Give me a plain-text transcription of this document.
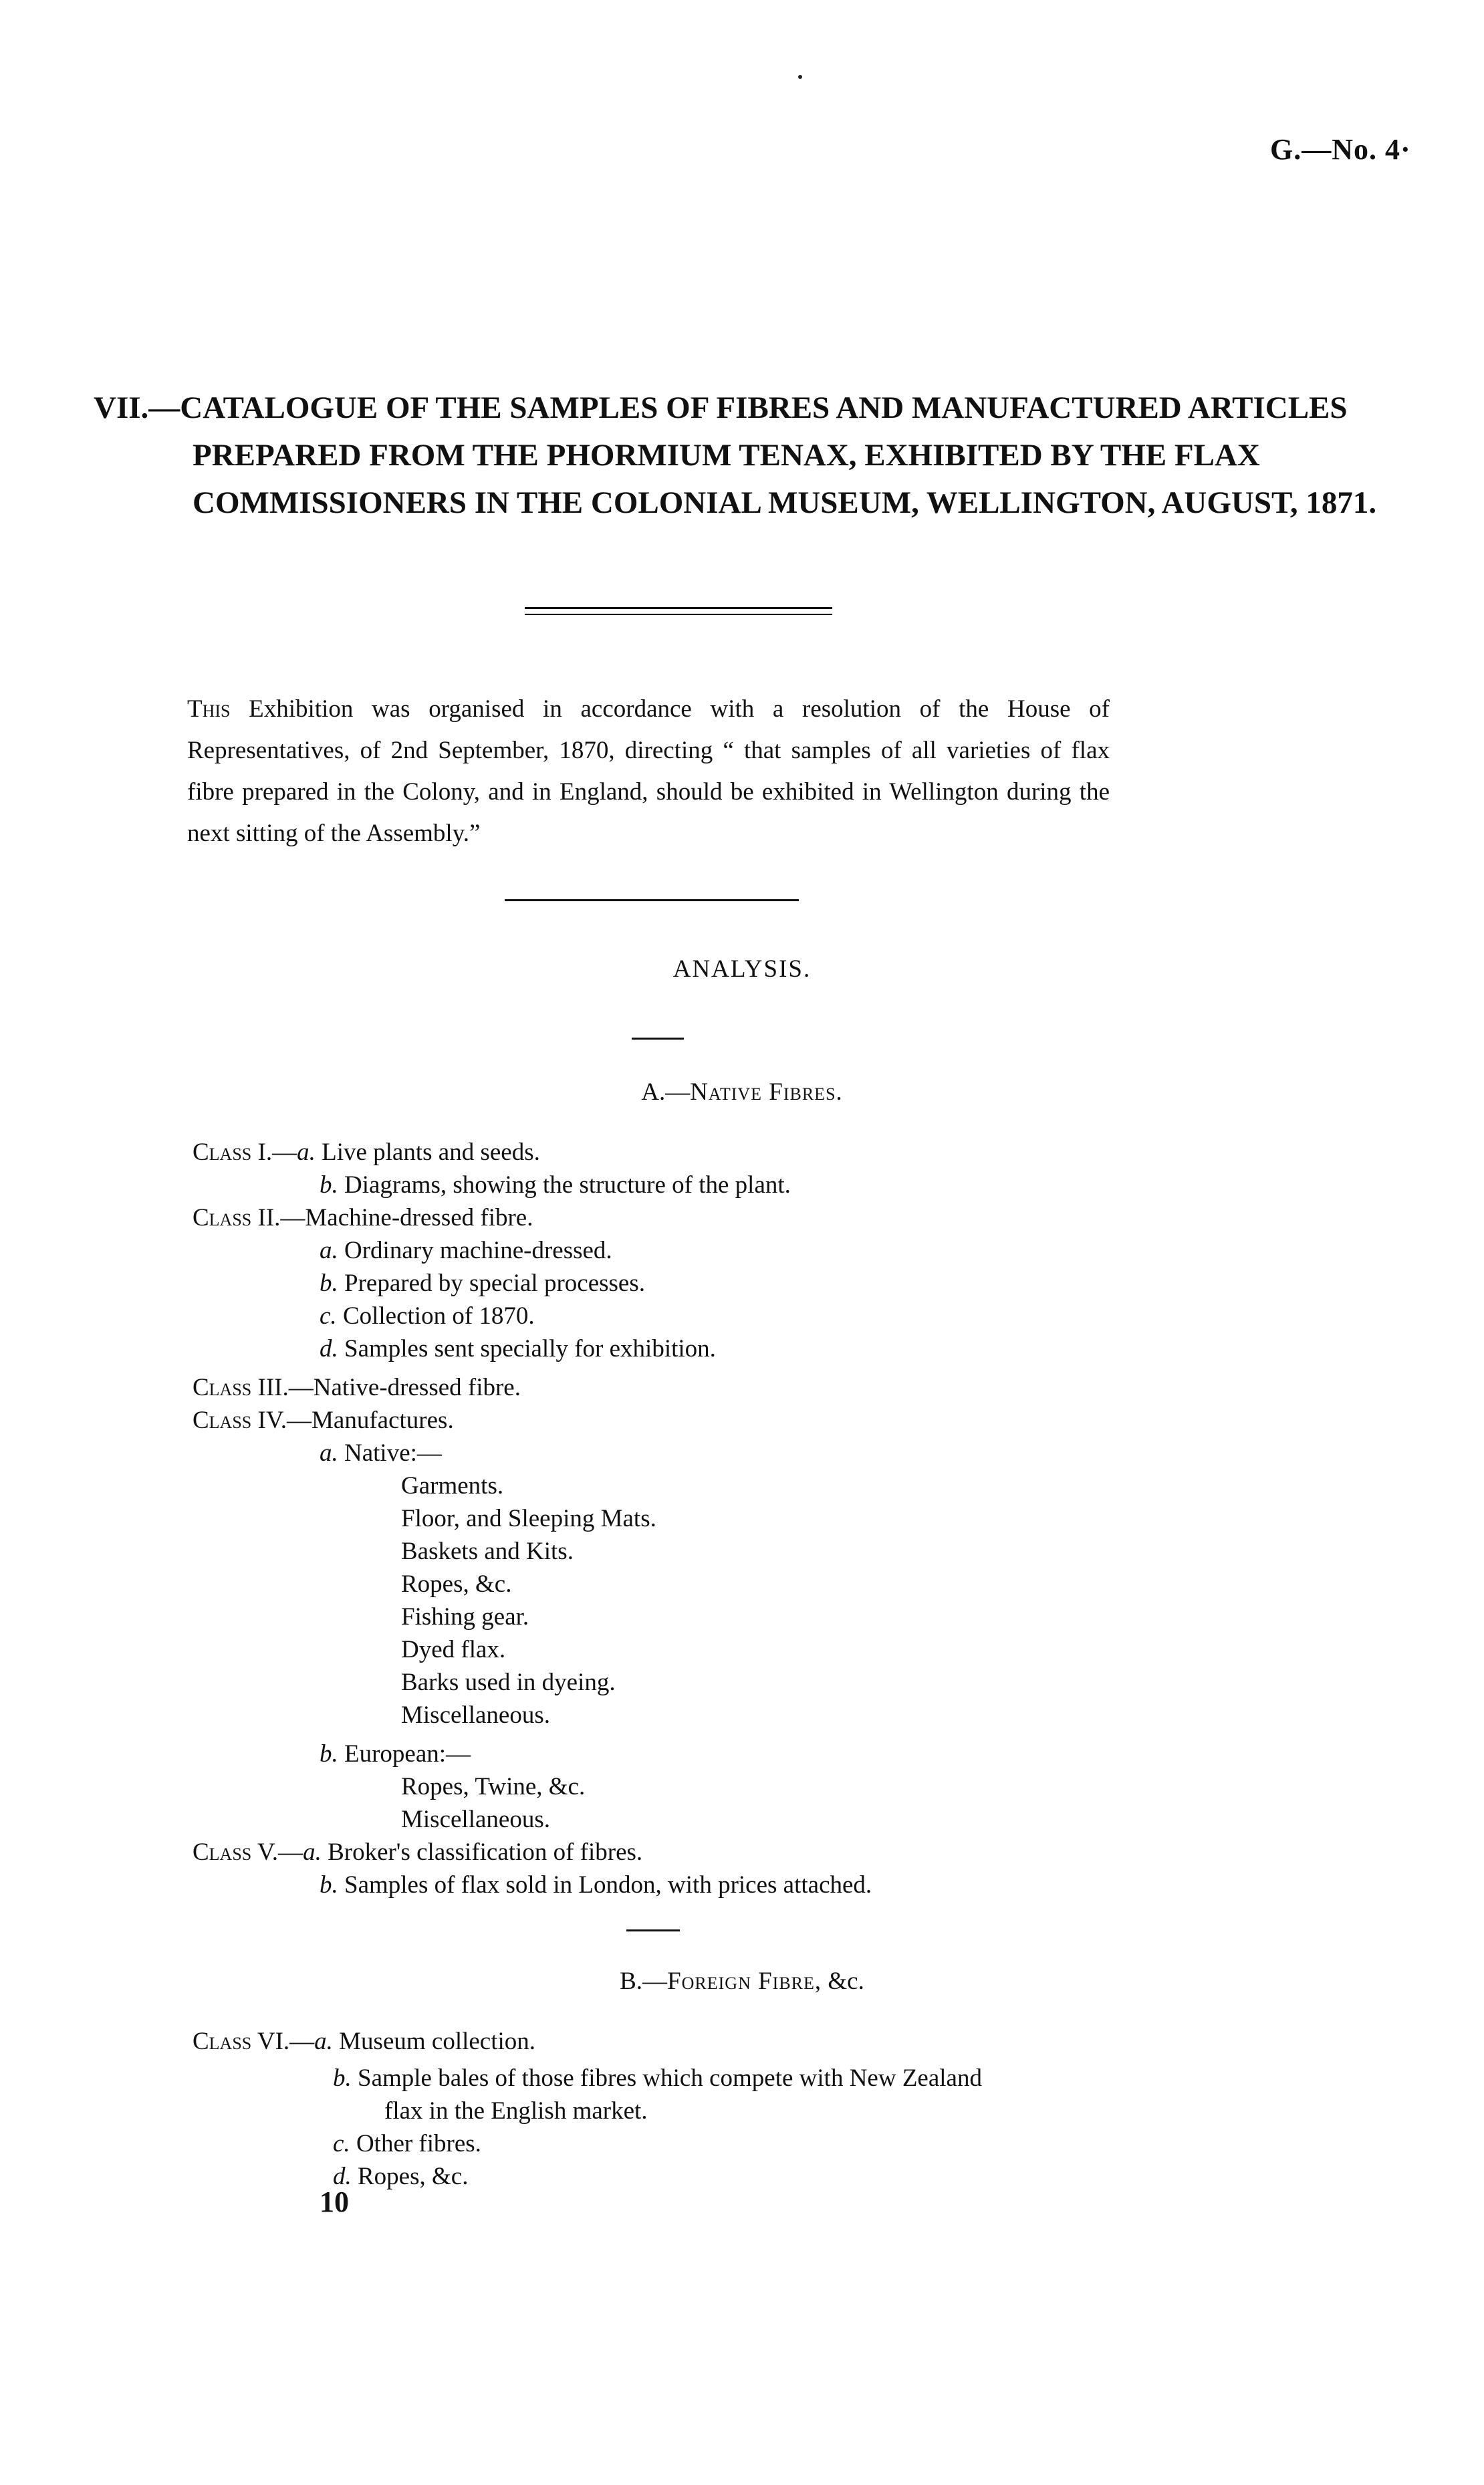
G.—No. 4·
VII.—CATALOGUE OF THE SAMPLES OF FIBRES AND MANUFACTURED ARTICLES
PREPARED FROM THE PHORMIUM TENAX, EXHIBITED BY THE FLAX
COMMISSIONERS IN THE COLONIAL MUSEUM, WELLINGTON, AUGUST, 1871.
This Exhibition was organised in accordance with a resolution of the House of Representatives, of 2nd September, 1870, directing “ that samples of all varieties of flax fibre prepared in the Colony, and in England, should be exhibited in Wellington during the next sitting of the Assembly.”
ANALYSIS.
A.—Native Fibres.
Class I.—a. Live plants and seeds.
b. Diagrams, showing the structure of the plant.
Class II.—Machine-dressed fibre.
a. Ordinary machine-dressed.
b. Prepared by special processes.
c. Collection of 1870.
d. Samples sent specially for exhibition.
Class III.—Native-dressed fibre.
Class IV.—Manufactures.
a. Native:—
Garments.
Floor, and Sleeping Mats.
Baskets and Kits.
Ropes, &c.
Fishing gear.
Dyed flax.
Barks used in dyeing.
Miscellaneous.
b. European:—
Ropes, Twine, &c.
Miscellaneous.
Class V.—a. Broker's classification of fibres.
b. Samples of flax sold in London, with prices attached.
B.—Foreign Fibre, &c.
Class VI.—a. Museum collection.
b. Sample bales of those fibres which compete with New Zealand
flax in the English market.
c. Other fibres.
d. Ropes, &c.
10
